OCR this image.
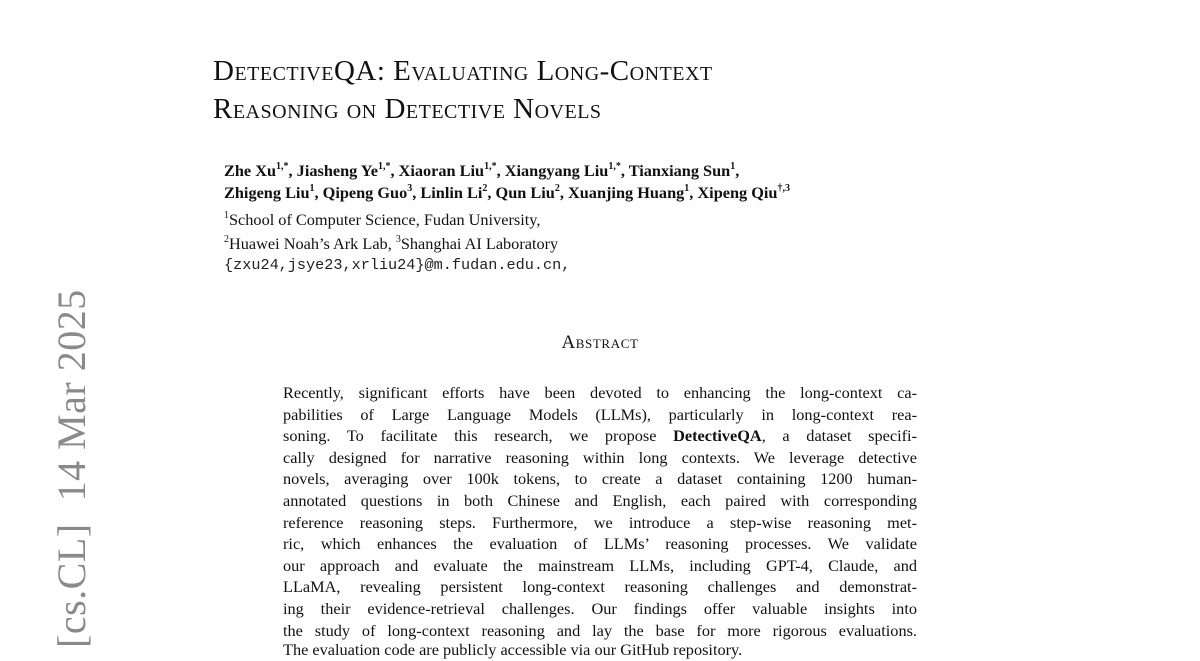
[cs.CL]14 Mar 2025
DetectiveQA: Evaluating Long-Context
Reasoning on Detective Novels
Zhe $Xu^{1,*}$, Jiasheng $Ye^{1,*}$, Xiaoran Liu$^{1,*}$, Xiangyang Liu$^{1,*}$, Tianxiang Sun$^1$,
Zhigeng Liu$^1$, Qipeng Guo$^3$, Linlin Li$^2$, Qun Liu$^2$, Xuanjing Huang$^1$, Xipeng Qiu$^{\dagger,3}$
$^1$School of Computer Science, Fudan University,
$^2$Huawei Noah’s Ark Lab, $^3$Shanghai AI Laboratory
{zxu24,jsye23,xrliu24}@m.fudan.edu.cn,
Abstract
Recently, significant efforts have been devoted to enhancing the long-context ca-
pabilities of Large Language Models (LLMs), particularly in long-context rea-
soning. To facilitate this research, we propose DetectiveQA, a dataset specifi-
cally designed for narrative reasoning within long contexts. We leverage detective
novels, averaging over 100k tokens, to create a dataset containing 1200 human-
annotated questions in both Chinese and English, each paired with corresponding
reference reasoning steps. Furthermore, we introduce a step-wise reasoning met-
ric, which enhances the evaluation of LLMs’ reasoning processes. We validate
our approach and evaluate the mainstream LLMs, including GPT-4, Claude, and
LLaMA, revealing persistent long-context reasoning challenges and demonstrat-
ing their evidence-retrieval challenges. Our findings offer valuable insights into
the study of long-context reasoning and lay the base for more rigorous evaluations.
The evaluation code are publicly accessible via our GitHub repository.
